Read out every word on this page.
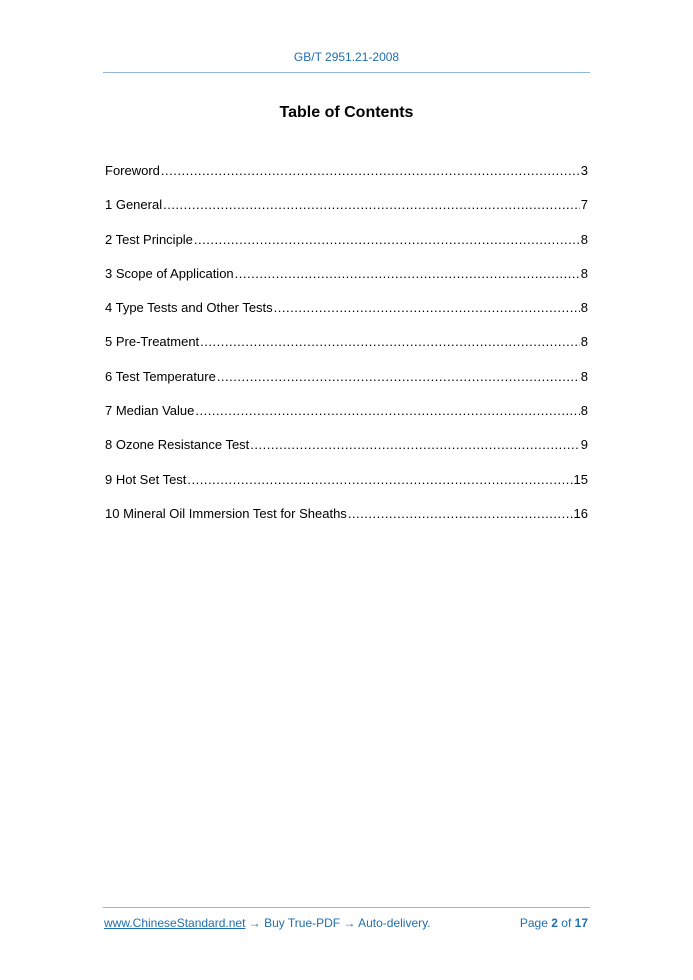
GB/T 2951.21-2008
Table of Contents
Foreword .....	3
1 General .....	7
2 Test Principle .....	8
3 Scope of Application .....	8
4 Type Tests and Other Tests .....	8
5 Pre-Treatment .....	8
6 Test Temperature .....	8
7 Median Value .....	8
8 Ozone Resistance Test .....	9
9 Hot Set Test .....	15
10 Mineral Oil Immersion Test for Sheaths .....	16
www.ChineseStandard.net → Buy True-PDF → Auto-delivery.	Page 2 of 17
